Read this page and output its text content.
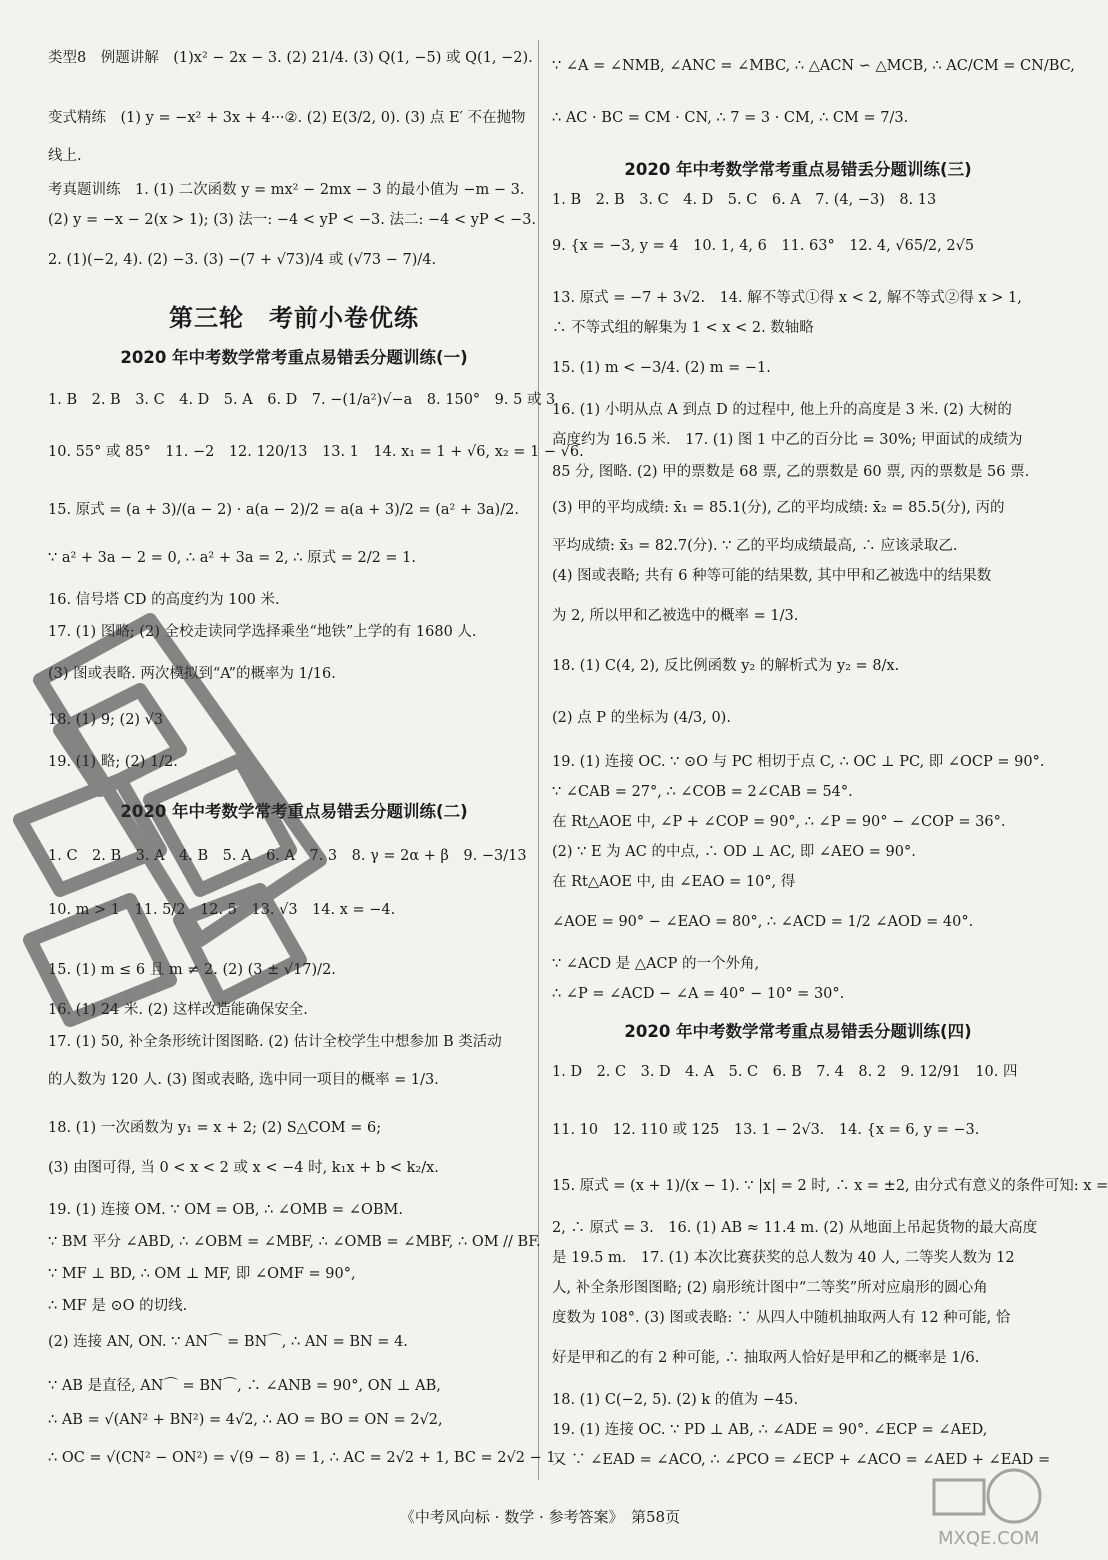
类型8　例题讲解　(1)x² − 2x − 3. (2) 21/4. (3) Q(1, −5) 或 Q(1, −2).
变式精练　(1) y = −x² + 3x + 4···②. (2) E(3/2, 0). (3) 点 E′ 不在抛物
线上.
考真题训练　1. (1) 二次函数 y = mx² − 2mx − 3 的最小值为 −m − 3.
(2) y = −x − 2(x > 1); (3) 法一: −4 < yP < −3. 法二: −4 < yP < −3.
2. (1)(−2, 4). (2) −3. (3) −(7 + √73)/4 或 (√73 − 7)/4.
第三轮　考前小卷优练
2020 年中考数学常考重点易错丢分题训练(一)
1. B　2. B　3. C　4. D　5. A　6. D　7. −(1/a²)√−a　8. 150°　9. 5 或 3
10. 55° 或 85°　11. −2　12. 120/13　13. 1　14. x₁ = 1 + √6, x₂ = 1 − √6.
15. 原式 = (a + 3)/(a − 2) · a(a − 2)/2 = a(a + 3)/2 = (a² + 3a)/2.
∵ a² + 3a − 2 = 0, ∴ a² + 3a = 2, ∴ 原式 = 2/2 = 1.
16. 信号塔 CD 的高度约为 100 米.
17. (1) 图略; (2) 全校走读同学选择乘坐“地铁”上学的有 1680 人.
(3) 图或表略. 两次模拟到“A”的概率为 1/16.
18. (1) 9; (2) √3
19. (1) 略; (2) 1/2.
2020 年中考数学常考重点易错丢分题训练(二)
1. C　2. B　3. A　4. B　5. A　6. A　7. 3　8. γ = 2α + β　9. −3/13
10. m > 1　11. 5/2　12. 5　13. √3　14. x = −4.
15. (1) m ≤ 6 且 m ≠ 2. (2) (3 ± √17)/2.
16. (1) 24 米. (2) 这样改造能确保安全.
17. (1) 50, 补全条形统计图图略. (2) 估计全校学生中想参加 B 类活动
的人数为 120 人. (3) 图或表略, 选中同一项目的概率 = 1/3.
18. (1) 一次函数为 y₁ = x + 2; (2) S△COM = 6;
(3) 由图可得, 当 0 < x < 2 或 x < −4 时, k₁x + b < k₂/x.
19. (1) 连接 OM. ∵ OM = OB, ∴ ∠OMB = ∠OBM.
∵ BM 平分 ∠ABD, ∴ ∠OBM = ∠MBF, ∴ ∠OMB = ∠MBF, ∴ OM // BF.
∵ MF ⊥ BD, ∴ OM ⊥ MF, 即 ∠OMF = 90°,
∴ MF 是 ⊙O 的切线.
(2) 连接 AN, ON. ∵ AN⌒ = BN⌒, ∴ AN = BN = 4.
∵ AB 是直径, AN⌒ = BN⌒, ∴ ∠ANB = 90°, ON ⊥ AB,
∴ AB = √(AN² + BN²) = 4√2, ∴ AO = BO = ON = 2√2,
∴ OC = √(CN² − ON²) = √(9 − 8) = 1, ∴ AC = 2√2 + 1, BC = 2√2 − 1.
∵ ∠A = ∠NMB, ∠ANC = ∠MBC, ∴ △ACN ∽ △MCB, ∴ AC/CM = CN/BC,
∴ AC · BC = CM · CN, ∴ 7 = 3 · CM, ∴ CM = 7/3.
2020 年中考数学常考重点易错丢分题训练(三)
1. B　2. B　3. C　4. D　5. C　6. A　7. (4, −3)　8. 13
9. {x = −3, y = 4　10. 1, 4, 6　11. 63°　12. 4, √65/2, 2√5
13. 原式 = −7 + 3√2.　14. 解不等式①得 x < 2, 解不等式②得 x > 1,
∴ 不等式组的解集为 1 < x < 2. 数轴略
15. (1) m < −3/4. (2) m = −1.
16. (1) 小明从点 A 到点 D 的过程中, 他上升的高度是 3 米. (2) 大树的
高度约为 16.5 米.　17. (1) 图 1 中乙的百分比 = 30%; 甲面试的成绩为
85 分, 图略. (2) 甲的票数是 68 票, 乙的票数是 60 票, 丙的票数是 56 票.
(3) 甲的平均成绩: x̄₁ = 85.1(分), 乙的平均成绩: x̄₂ = 85.5(分), 丙的
平均成绩: x̄₃ = 82.7(分). ∵ 乙的平均成绩最高, ∴ 应该录取乙.
(4) 图或表略; 共有 6 种等可能的结果数, 其中甲和乙被选中的结果数
为 2, 所以甲和乙被选中的概率 = 1/3.
18. (1) C(4, 2), 反比例函数 y₂ 的解析式为 y₂ = 8/x.
(2) 点 P 的坐标为 (4/3, 0).
19. (1) 连接 OC. ∵ ⊙O 与 PC 相切于点 C, ∴ OC ⊥ PC, 即 ∠OCP = 90°.
∵ ∠CAB = 27°, ∴ ∠COB = 2∠CAB = 54°.
在 Rt△AOE 中, ∠P + ∠COP = 90°, ∴ ∠P = 90° − ∠COP = 36°.
(2) ∵ E 为 AC 的中点, ∴ OD ⊥ AC, 即 ∠AEO = 90°.
在 Rt△AOE 中, 由 ∠EAO = 10°, 得
∠AOE = 90° − ∠EAO = 80°, ∴ ∠ACD = 1/2 ∠AOD = 40°.
∵ ∠ACD 是 △ACP 的一个外角,
∴ ∠P = ∠ACD − ∠A = 40° − 10° = 30°.
2020 年中考数学常考重点易错丢分题训练(四)
1. D　2. C　3. D　4. A　5. C　6. B　7. 4　8. 2　9. 12/91　10. 四
11. 10　12. 110 或 125　13. 1 − 2√3.　14. {x = 6, y = −3.
15. 原式 = (x + 1)/(x − 1). ∵ |x| = 2 时, ∴ x = ±2, 由分式有意义的条件可知: x =
2, ∴ 原式 = 3.　16. (1) AB ≈ 11.4 m. (2) 从地面上吊起货物的最大高度
是 19.5 m.　17. (1) 本次比赛获奖的总人数为 40 人, 二等奖人数为 12
人, 补全条形图图略; (2) 扇形统计图中“二等奖”所对应扇形的圆心角
度数为 108°. (3) 图或表略: ∵ 从四人中随机抽取两人有 12 种可能, 恰
好是甲和乙的有 2 种可能, ∴ 抽取两人恰好是甲和乙的概率是 1/6.
18. (1) C(−2, 5). (2) k 的值为 −45.
19. (1) 连接 OC. ∵ PD ⊥ AB, ∴ ∠ADE = 90°. ∠ECP = ∠AED,
又 ∵ ∠EAD = ∠ACO, ∴ ∠PCO = ∠ECP + ∠ACO = ∠AED + ∠EAD =
《中考风向标 · 数学 · 参考答案》　第58页
MXQE.COM
